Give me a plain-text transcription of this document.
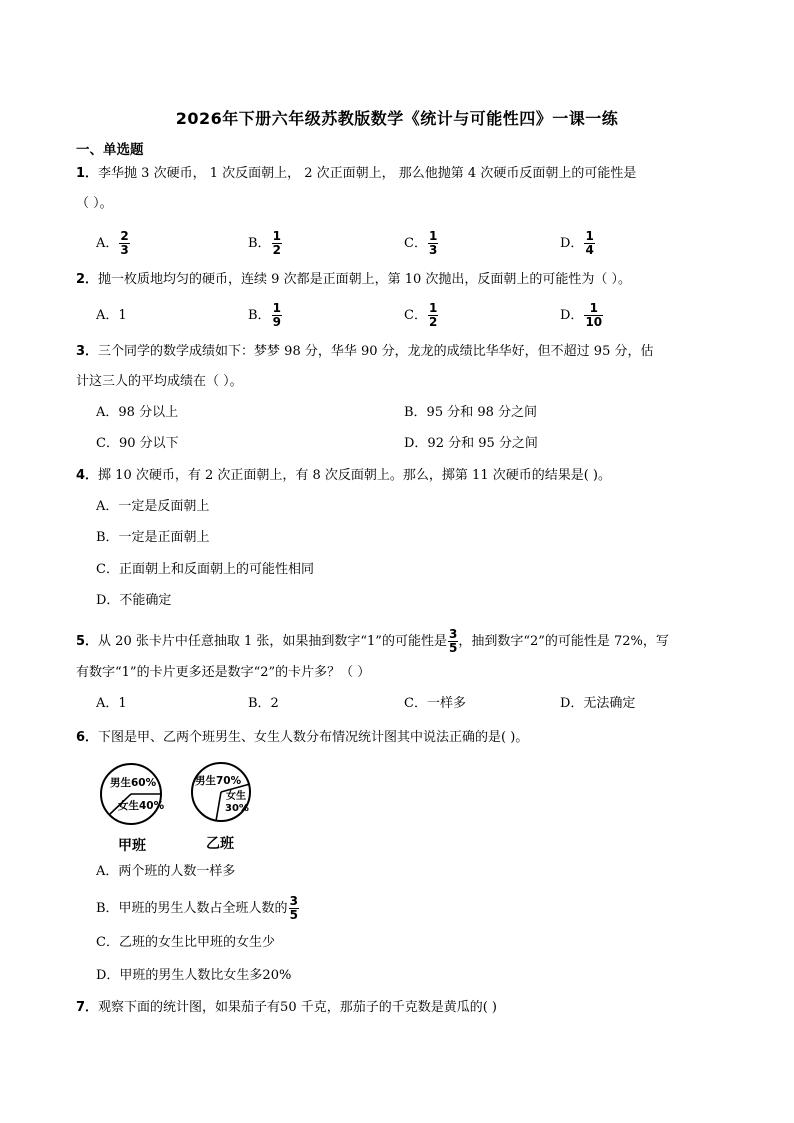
2026年下册六年级苏教版数学《统计与可能性四》一课一练
一、单选题
1．李华抛 3 次硬币， 1 次反面朝上， 2 次正面朝上， 那么他抛第 4 次硬币反面朝上的可能性是
（ ）。
A． $\frac{2}{3}$	B． $\frac{1}{2}$	C． $\frac{1}{3}$	D． $\frac{1}{4}$
2．抛一枚质地均匀的硬币，连续 9 次都是正面朝上，第 10 次抛出，反面朝上的可能性为（ ）。
A．1	B． $\frac{1}{9}$	C． $\frac{1}{2}$	D． $\frac{1}{10}$
3．三个同学的数学成绩如下：梦梦 98 分，华华 90 分，龙龙的成绩比华华好，但不超过 95 分，估
计这三人的平均成绩在（ ）。
A．98 分以上	B．95 分和 98 分之间
C．90 分以下	D．92 分和 95 分之间
4．掷 10 次硬币，有 2 次正面朝上，有 8 次反面朝上。那么，掷第 11 次硬币的结果是( )。
A．一定是反面朝上
B．一定是正面朝上
C．正面朝上和反面朝上的可能性相同
D．不能确定
5．从 20 张卡片中任意抽取 1 张，如果抽到数字“1”的可能性是 $\frac{3}{5}$ ，抽到数字“2”的可能性是 72%，写
有数字“1”的卡片更多还是数字“2”的卡片多？（ ）
A．1	B．2	C．一样多	D．无法确定
6．下图是甲、乙两个班男生、女生人数分布情况统计图其中说法正确的是( )。
男生60%
女生40%
甲班
男生70%
女生
30%
乙班
A．两个班的人数一样多
B．甲班的男生人数占全班人数的 $\frac{3}{5}$
C．乙班的女生比甲班的女生少
D．甲班的男生人数比女生多20%
7．观察下面的统计图，如果茄子有50 千克，那茄子的千克数是黄瓜的( )
